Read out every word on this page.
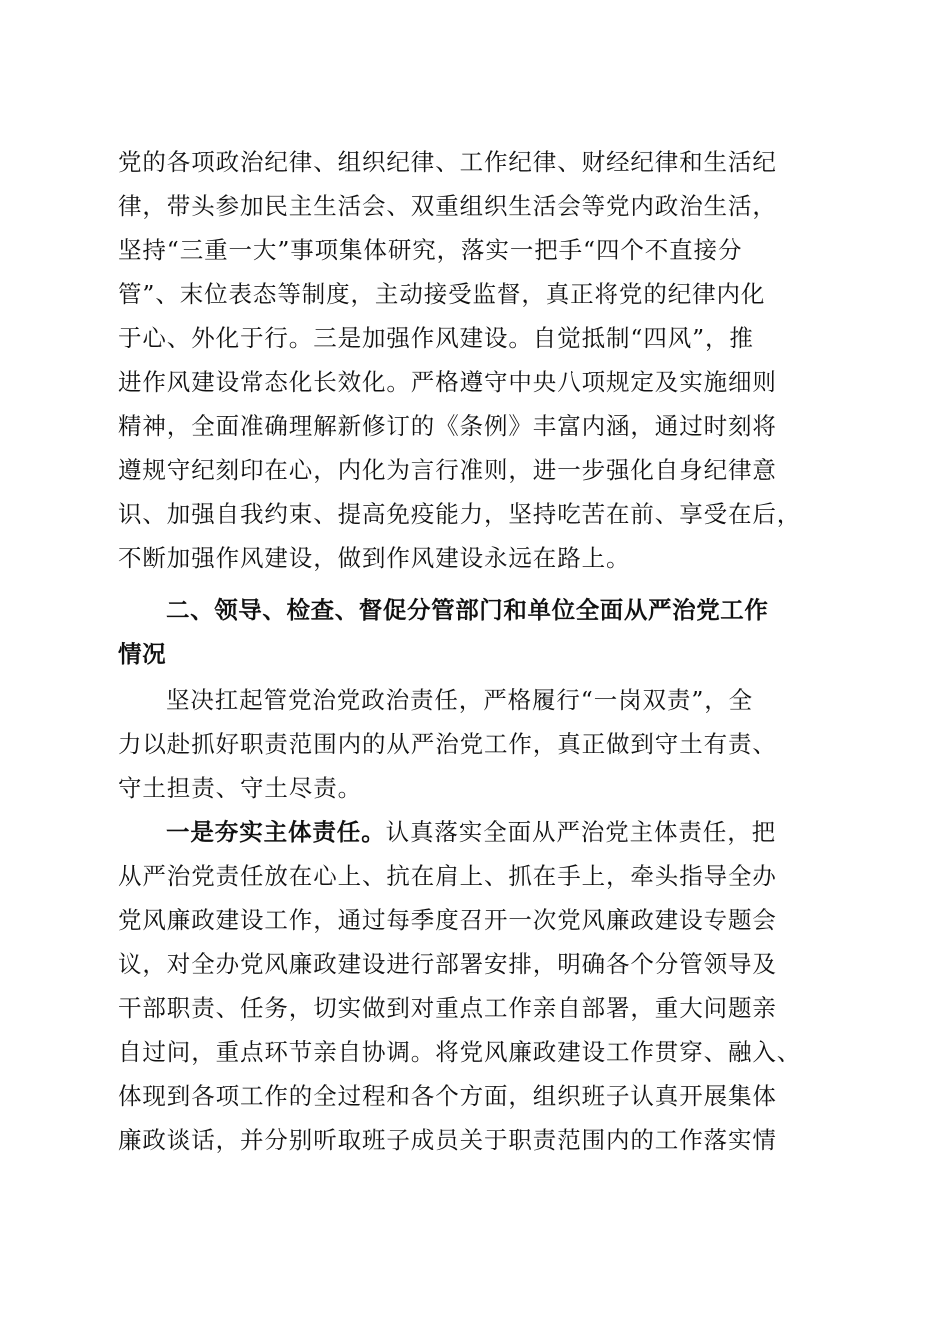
党的各项政治纪律、组织纪律、工作纪律、财经纪律和生活纪
律，带头参加民主生活会、双重组织生活会等党内政治生活，
坚持“三重一大”事项集体研究，落实一把手“四个不直接分
管”、末位表态等制度，主动接受监督，真正将党的纪律内化
于心、外化于行。三是加强作风建设。自觉抵制“四风”，推
进作风建设常态化长效化。严格遵守中央八项规定及实施细则
精神，全面准确理解新修订的《条例》丰富内涵，通过时刻将
遵规守纪刻印在心，内化为言行准则，进一步强化自身纪律意
识、加强自我约束、提高免疫能力，坚持吃苦在前、享受在后，
不断加强作风建设，做到作风建设永远在路上。
二、领导、检查、督促分管部门和单位全面从严治党工作
情况
坚决扛起管党治党政治责任，严格履行“一岗双责”，全
力以赴抓好职责范围内的从严治党工作，真正做到守土有责、
守土担责、守土尽责。
一是夯实主体责任。认真落实全面从严治党主体责任，把
从严治党责任放在心上、抗在肩上、抓在手上，牵头指导全办
党风廉政建设工作，通过每季度召开一次党风廉政建设专题会
议，对全办党风廉政建设进行部署安排，明确各个分管领导及
干部职责、任务，切实做到对重点工作亲自部署，重大问题亲
自过问，重点环节亲自协调。将党风廉政建设工作贯穿、融入、
体现到各项工作的全过程和各个方面，组织班子认真开展集体
廉政谈话，并分别听取班子成员关于职责范围内的工作落实情
